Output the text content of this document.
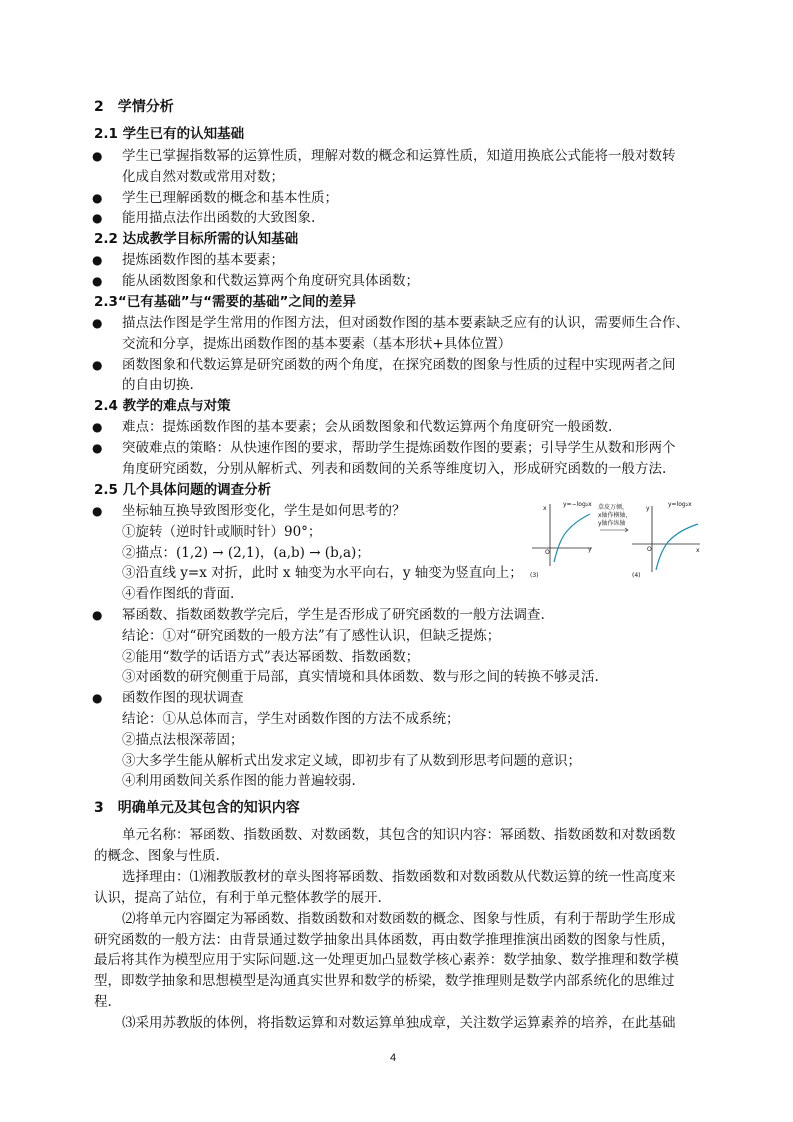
2　学情分析
2.1 学生已有的认知基础
● 学生已掌握指数幂的运算性质，理解对数的概念和运算性质，知道用换底公式能将一般对数转
化成自然对数或常用对数；
● 学生已理解函数的概念和基本性质；
● 能用描点法作出函数的大致图象.
2.2 达成教学目标所需的认知基础
● 提炼函数作图的基本要素；
● 能从函数图象和代数运算两个角度研究具体函数；
2.3“已有基础”与“需要的基础”之间的差异
● 描点法作图是学生常用的作图方法，但对函数作图的基本要素缺乏应有的认识，需要师生合作、
交流和分享，提炼出函数作图的基本要素（基本形状+具体位置）
● 函数图象和代数运算是研究函数的两个角度，在探究函数的图象与性质的过程中实现两者之间
的自由切换.
2.4 教学的难点与对策
● 难点：提炼函数作图的基本要素；会从函数图象和代数运算两个角度研究一般函数.
● 突破难点的策略：从快速作图的要求，帮助学生提炼函数作图的要素；引导学生从数和形两个
角度研究函数，分别从解析式、列表和函数间的关系等维度切入，形成研究函数的一般方法.
2.5 几个具体问题的调查分析
● 坐标轴互换导致图形变化，学生是如何思考的？
①旋转（逆时针或顺时针）90°；
②描点：(1,2) → (2,1)，(a,b) → (b,a)；
③沿直线 y=x 对折，此时 x 轴变为水平向右，y 轴变为竖直向上；
④看作图纸的背面.
y
x
O
y=−log₂x
(3)
草皮万倾，
x轴作横轴，
y轴作纵轴
x
y
O
y=log₂x
(4)
● 幂函数、指数函数教学完后，学生是否形成了研究函数的一般方法调查.
结论：①对“研究函数的一般方法”有了感性认识，但缺乏提炼；
②能用“数学的话语方式”表达幂函数、指数函数；
③对函数的研究侧重于局部，真实情境和具体函数、数与形之间的转换不够灵活.
● 函数作图的现状调查
结论：①从总体而言，学生对函数作图的方法不成系统；
②描点法根深蒂固；
③大多学生能从解析式出发求定义域，即初步有了从数到形思考问题的意识；
④利用函数间关系作图的能力普遍较弱.
3　明确单元及其包含的知识内容
单元名称：幂函数、指数函数、对数函数，其包含的知识内容：幂函数、指数函数和对数函数
的概念、图象与性质.
选择理由：⑴湘教版教材的章头图将幂函数、指数函数和对数函数从代数运算的统一性高度来
认识，提高了站位，有利于单元整体教学的展开.
⑵将单元内容圈定为幂函数、指数函数和对数函数的概念、图象与性质，有利于帮助学生形成
研究函数的一般方法：由背景通过数学抽象出具体函数，再由数学推理推演出函数的图象与性质，
最后将其作为模型应用于实际问题.这一处理更加凸显数学核心素养：数学抽象、数学推理和数学模
型，即数学抽象和思想模型是沟通真实世界和数学的桥梁，数学推理则是数学内部系统化的思维过
程.
⑶采用苏教版的体例，将指数运算和对数运算单独成章，关注数学运算素养的培养，在此基础
4
